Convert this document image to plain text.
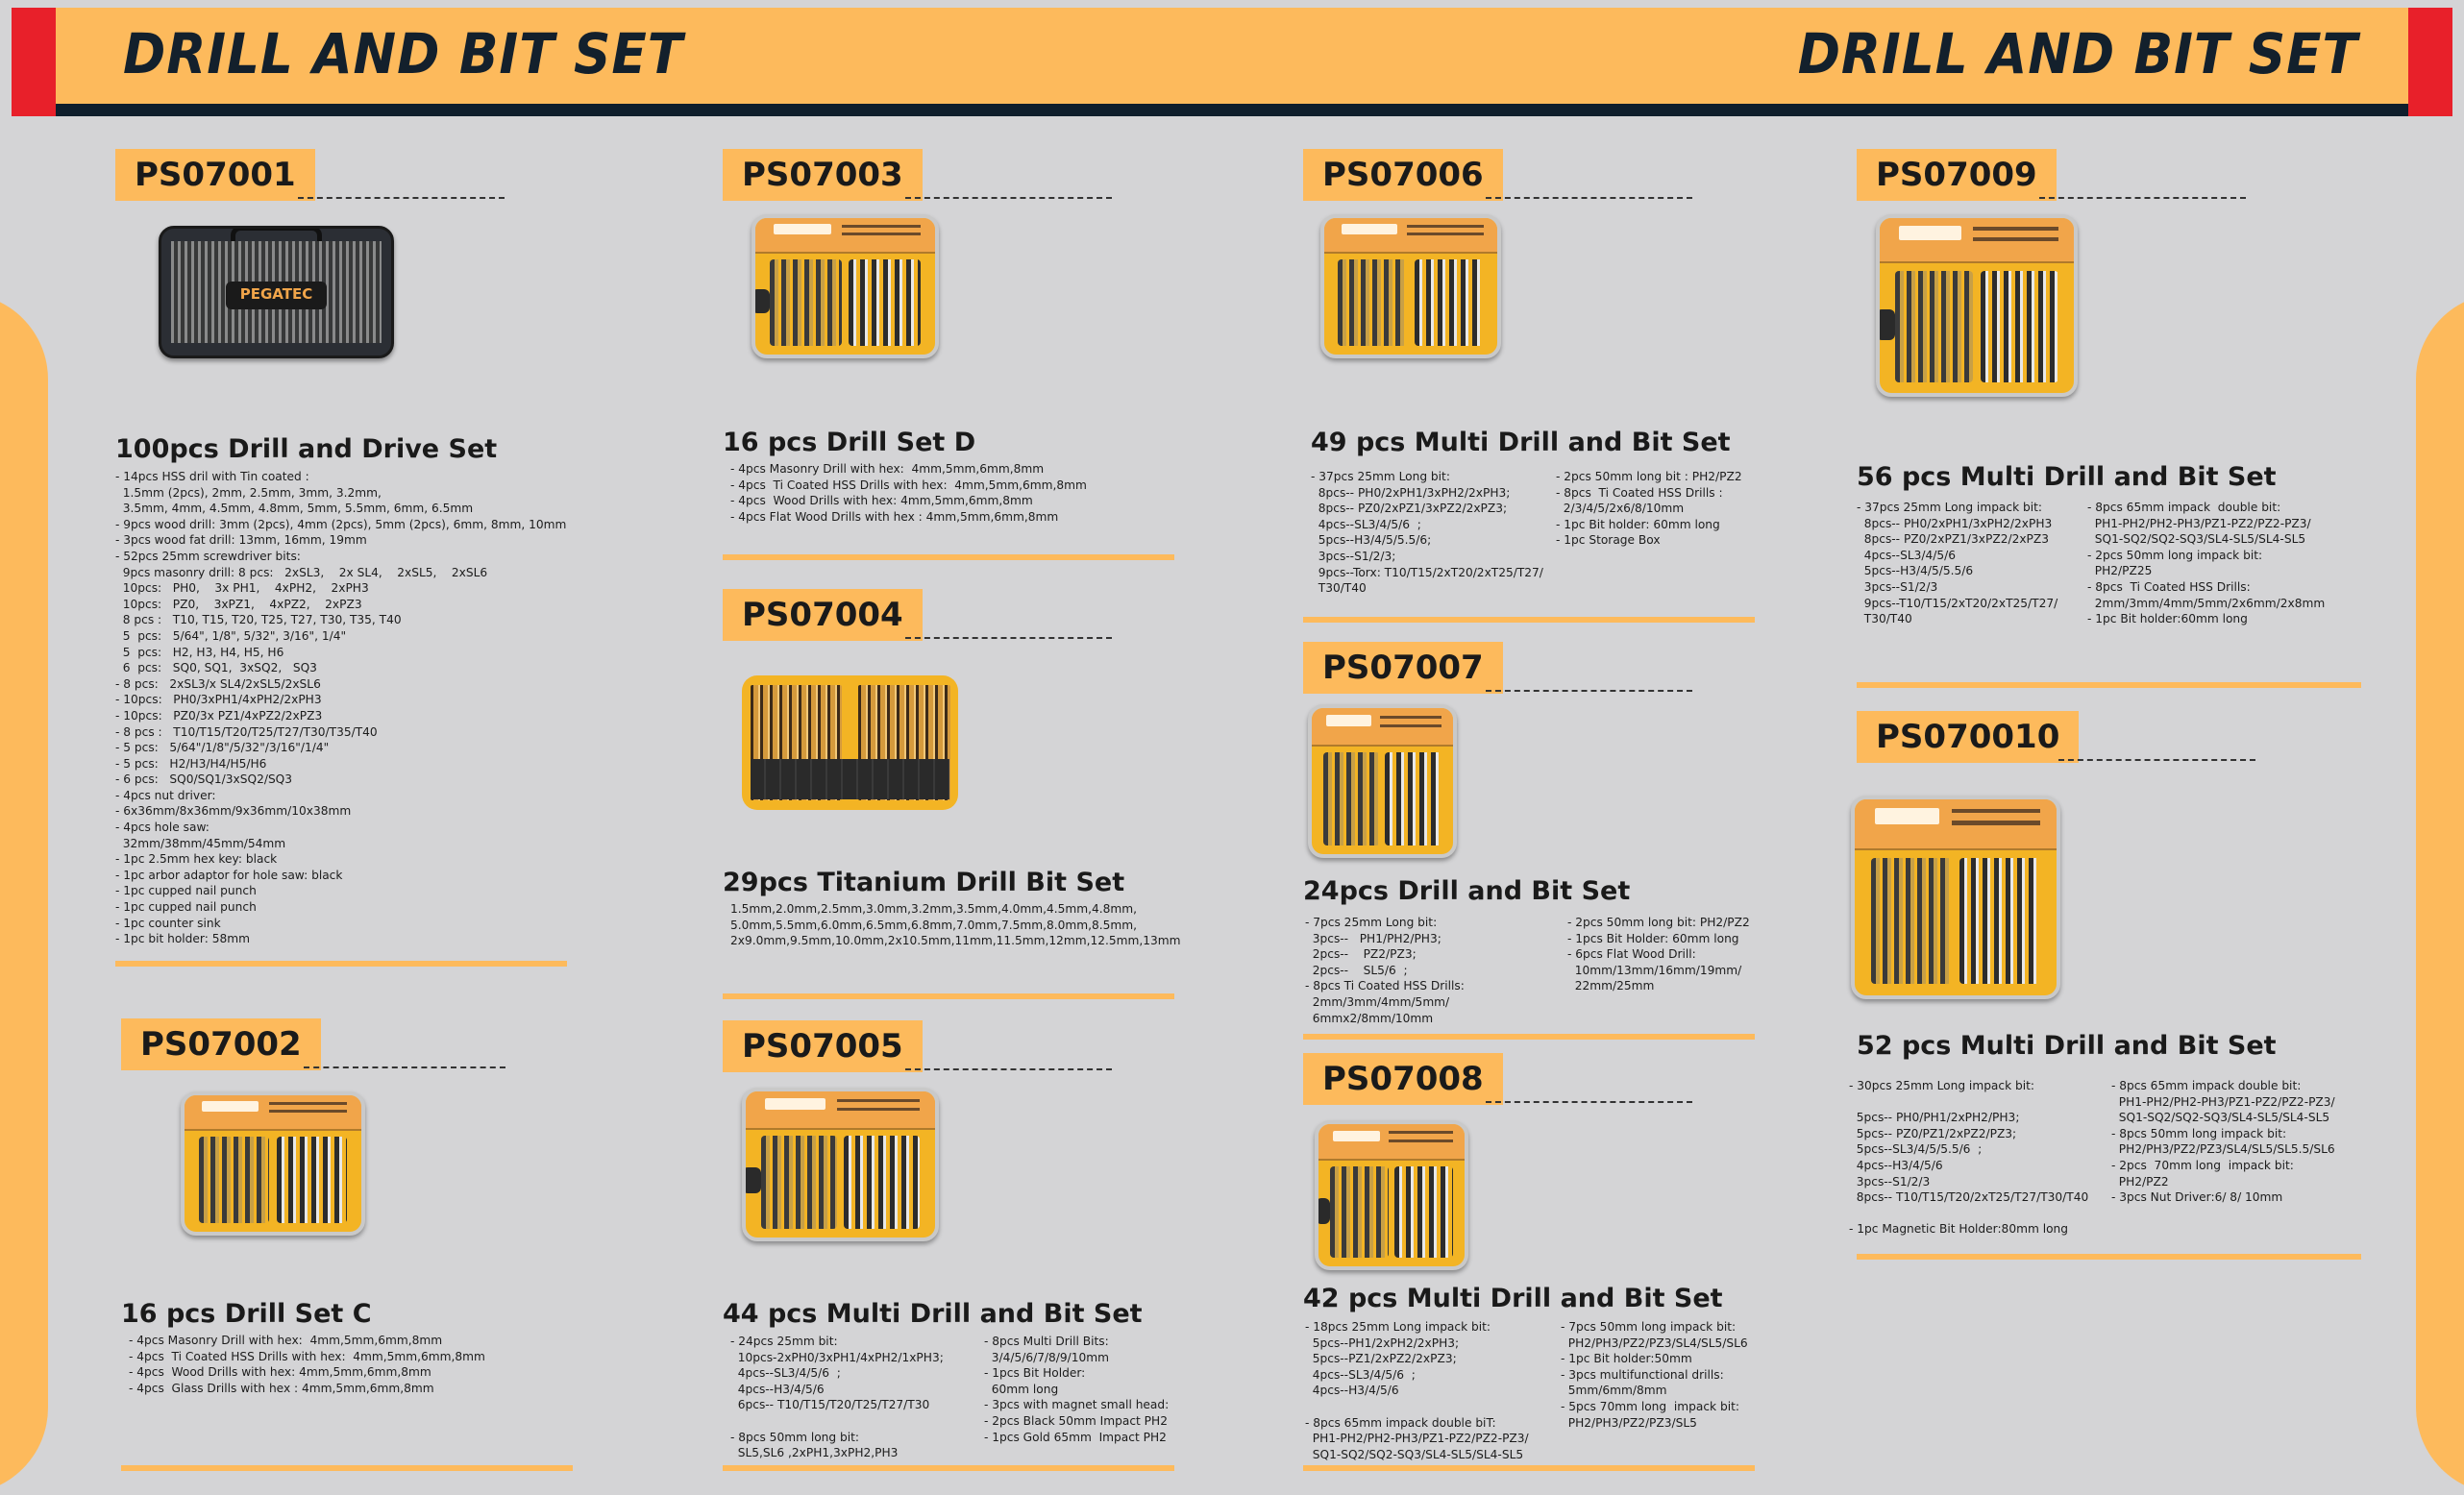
DRILL AND BIT SET	DRILL AND BIT SET
PS07001
PEGATEC
100pcs Drill and Drive Set
- 14pcs HSS dril with Tin coated :
1.5mm (2pcs), 2mm, 2.5mm, 3mm, 3.2mm,
3.5mm, 4mm, 4.5mm, 4.8mm, 5mm, 5.5mm, 6mm, 6.5mm
- 9pcs wood drill: 3mm (2pcs), 4mm (2pcs), 5mm (2pcs), 6mm, 8mm, 10mm
- 3pcs wood fat drill: 13mm, 16mm, 19mm
- 52pcs 25mm screwdriver bits:
9pcs masonry drill: 8 pcs:   2xSL3,    2x SL4,    2xSL5,    2xSL6
10pcs:   PH0,    3x PH1,    4xPH2,    2xPH3
10pcs:   PZ0,    3xPZ1,    4xPZ2,    2xPZ3
8 pcs :   T10, T15, T20, T25, T27, T30, T35, T40
5  pcs:   5/64", 1/8", 5/32", 3/16", 1/4"
5  pcs:   H2, H3, H4, H5, H6
6  pcs:   SQ0, SQ1,  3xSQ2,   SQ3
- 8 pcs:   2xSL3/x SL4/2xSL5/2xSL6
- 10pcs:   PH0/3xPH1/4xPH2/2xPH3
- 10pcs:   PZ0/3x PZ1/4xPZ2/2xPZ3
- 8 pcs :   T10/T15/T20/T25/T27/T30/T35/T40
- 5 pcs:   5/64"/1/8"/5/32"/3/16"/1/4"
- 5 pcs:   H2/H3/H4/H5/H6
- 6 pcs:   SQ0/SQ1/3xSQ2/SQ3
- 4pcs nut driver:
- 6x36mm/8x36mm/9x36mm/10x38mm
- 4pcs hole saw:
32mm/38mm/45mm/54mm
- 1pc 2.5mm hex key: black
- 1pc arbor adaptor for hole saw: black
- 1pc cupped nail punch
- 1pc cupped nail punch
- 1pc counter sink
- 1pc bit holder: 58mm
PS07002
16 pcs Drill Set C
- 4pcs Masonry Drill with hex:  4mm,5mm,6mm,8mm
- 4pcs  Ti Coated HSS Drills with hex:  4mm,5mm,6mm,8mm
- 4pcs  Wood Drills with hex: 4mm,5mm,6mm,8mm
- 4pcs  Glass Drills with hex : 4mm,5mm,6mm,8mm
PS07003
16 pcs Drill Set D
- 4pcs Masonry Drill with hex:  4mm,5mm,6mm,8mm
- 4pcs  Ti Coated HSS Drills with hex:  4mm,5mm,6mm,8mm
- 4pcs  Wood Drills with hex: 4mm,5mm,6mm,8mm
- 4pcs Flat Wood Drills with hex : 4mm,5mm,6mm,8mm
PS07004
29pcs Titanium Drill Bit Set
1.5mm,2.0mm,2.5mm,3.0mm,3.2mm,3.5mm,4.0mm,4.5mm,4.8mm,
5.0mm,5.5mm,6.0mm,6.5mm,6.8mm,7.0mm,7.5mm,8.0mm,8.5mm,
2x9.0mm,9.5mm,10.0mm,2x10.5mm,11mm,11.5mm,12mm,12.5mm,13mm
PS07005
44 pcs Multi Drill and Bit Set
- 24pcs 25mm bit:
10pcs-2xPH0/3xPH1/4xPH2/1xPH3;
4pcs--SL3/4/5/6  ;
4pcs--H3/4/5/6
6pcs-- T10/T15/T20/T25/T27/T30

- 8pcs 50mm long bit:
SL5,SL6 ,2xPH1,3xPH2,PH3
- 8pcs Multi Drill Bits:
3/4/5/6/7/8/9/10mm
- 1pcs Bit Holder:
60mm long
- 3pcs with magnet small head:
- 2pcs Black 50mm Impact PH2
- 1pcs Gold 65mm  Impact PH2
PS07006
49 pcs Multi Drill and Bit Set
- 37pcs 25mm Long bit:
8pcs-- PH0/2xPH1/3xPH2/2xPH3;
8pcs-- PZ0/2xPZ1/3xPZ2/2xPZ3;
4pcs--SL3/4/5/6  ;
5pcs--H3/4/5/5.5/6;
3pcs--S1/2/3;
9pcs--Torx: T10/T15/2xT20/2xT25/T27/
T30/T40
- 2pcs 50mm long bit : PH2/PZ2
- 8pcs  Ti Coated HSS Drills :
2/3/4/5/2x6/8/10mm
- 1pc Bit holder: 60mm long
- 1pc Storage Box
PS07007
24pcs Drill and Bit Set
- 7pcs 25mm Long bit:
3pcs--   PH1/PH2/PH3;
2pcs--    PZ2/PZ3;
2pcs--    SL5/6  ;
- 8pcs Ti Coated HSS Drills:
2mm/3mm/4mm/5mm/
6mmx2/8mm/10mm
- 2pcs 50mm long bit: PH2/PZ2
- 1pcs Bit Holder: 60mm long
- 6pcs Flat Wood Drill:
10mm/13mm/16mm/19mm/
22mm/25mm
PS07008
42 pcs Multi Drill and Bit Set
- 18pcs 25mm Long impack bit:
5pcs--PH1/2xPH2/2xPH3;
5pcs--PZ1/2xPZ2/2xPZ3;
4pcs--SL3/4/5/6  ;
4pcs--H3/4/5/6

- 8pcs 65mm impack double biT:
PH1-PH2/PH2-PH3/PZ1-PZ2/PZ2-PZ3/
SQ1-SQ2/SQ2-SQ3/SL4-SL5/SL4-SL5
- 7pcs 50mm long impack bit:
PH2/PH3/PZ2/PZ3/SL4/SL5/SL6
- 1pc Bit holder:50mm
- 3pcs multifunctional drills:
5mm/6mm/8mm
- 5pcs 70mm long  impack bit:
PH2/PH3/PZ2/PZ3/SL5
PS07009
56 pcs Multi Drill and Bit Set
- 37pcs 25mm Long impack bit:
8pcs-- PH0/2xPH1/3xPH2/2xPH3
8pcs-- PZ0/2xPZ1/3xPZ2/2xPZ3
4pcs--SL3/4/5/6
5pcs--H3/4/5/5.5/6
3pcs--S1/2/3
9pcs--T10/T15/2xT20/2xT25/T27/
T30/T40
- 8pcs 65mm impack  double bit:
PH1-PH2/PH2-PH3/PZ1-PZ2/PZ2-PZ3/
SQ1-SQ2/SQ2-SQ3/SL4-SL5/SL4-SL5
- 2pcs 50mm long impack bit:
PH2/PZ25
- 8pcs  Ti Coated HSS Drills:
2mm/3mm/4mm/5mm/2x6mm/2x8mm
- 1pc Bit holder:60mm long
PS070010
52 pcs Multi Drill and Bit Set
- 30pcs 25mm Long impack bit:

5pcs-- PH0/PH1/2xPH2/PH3;
5pcs-- PZ0/PZ1/2xPZ2/PZ3;
5pcs--SL3/4/5/5.5/6  ;
4pcs--H3/4/5/6
3pcs--S1/2/3
8pcs-- T10/T15/T20/2xT25/T27/T30/T40

- 1pc Magnetic Bit Holder:80mm long
- 8pcs 65mm impack double bit:
PH1-PH2/PH2-PH3/PZ1-PZ2/PZ2-PZ3/
SQ1-SQ2/SQ2-SQ3/SL4-SL5/SL4-SL5
- 8pcs 50mm long impack bit:
PH2/PH3/PZ2/PZ3/SL4/SL5/SL5.5/SL6
- 2pcs  70mm long  impack bit:
PH2/PZ2
- 3pcs Nut Driver:6/ 8/ 10mm
